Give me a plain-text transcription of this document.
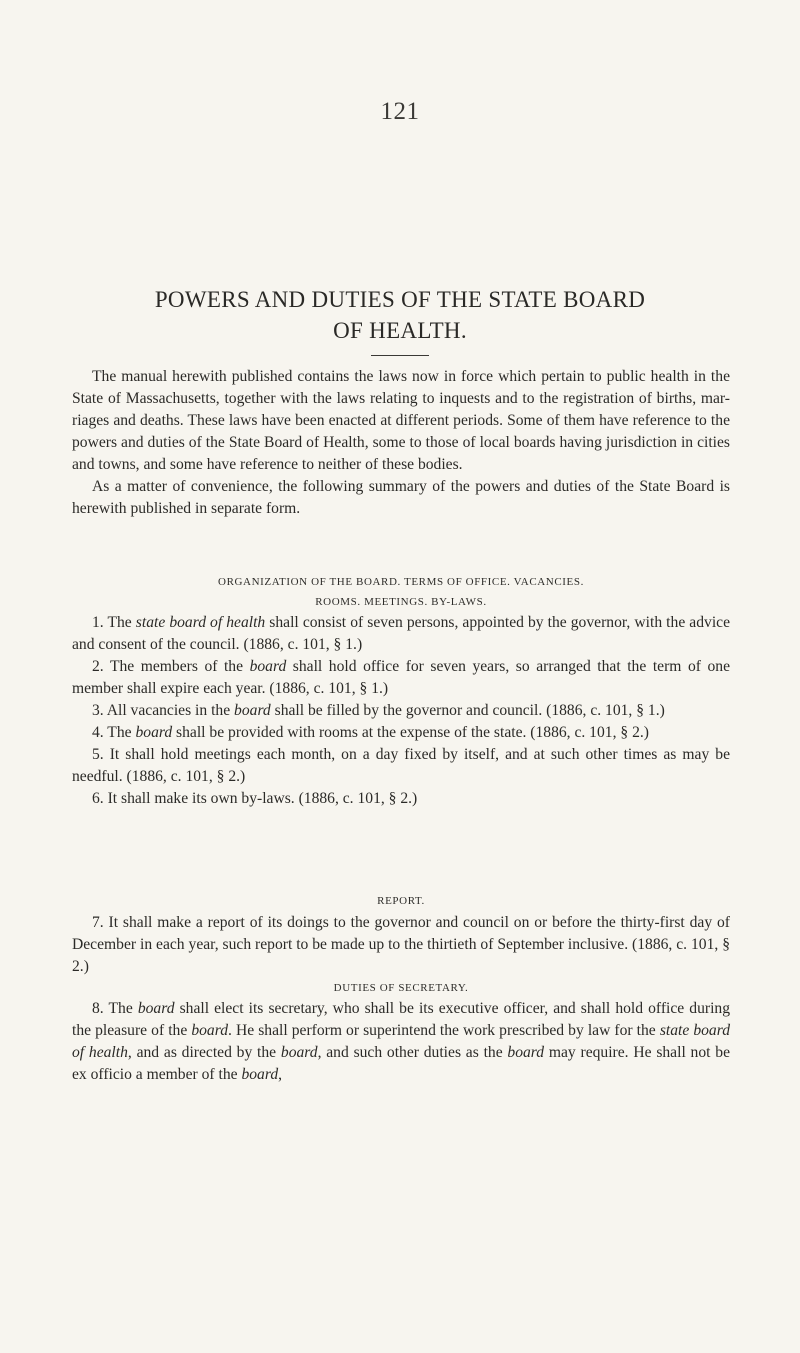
121
POWERS AND DUTIES OF THE STATE BOARD
OF HEALTH.

The manual herewith published contains the laws now in force which pertain to public health in the State of Massachusetts, together with the laws relating to inquests and to the registration of births, mar-riages and deaths. These laws have been enacted at different periods. Some of them have reference to the powers and duties of the State Board of Health, some to those of local boards having jurisdiction in cities and towns, and some have reference to neither of these bodies.

As a matter of convenience, the following summary of the powers and duties of the State Board is herewith published in separate form.

ORGANIZATION OF THE BOARD. TERMS OF OFFICE. VACANCIES.
ROOMS. MEETINGS. BY-LAWS.

1. The state board of health shall consist of seven persons, appointed by the governor, with the advice and consent of the council. (1886, c. 101, § 1.)

2. The members of the board shall hold office for seven years, so arranged that the term of one member shall expire each year. (1886, c. 101, § 1.)

3. All vacancies in the board shall be filled by the governor and council. (1886, c. 101, § 1.)

4. The board shall be provided with rooms at the expense of the state. (1886, c. 101, § 2.)

5. It shall hold meetings each month, on a day fixed by itself, and at such other times as may be needful. (1886, c. 101, § 2.)

6. It shall make its own by-laws. (1886, c. 101, § 2.)

REPORT.

7. It shall make a report of its doings to the governor and council on or before the thirty-first day of December in each year, such report to be made up to the thirtieth of September inclusive. (1886, c. 101, § 2.)

DUTIES OF SECRETARY.

8. The board shall elect its secretary, who shall be its executive officer, and shall hold office during the pleasure of the board. He shall perform or superintend the work prescribed by law for the state board of health, and as directed by the board, and such other duties as the board may require. He shall not be ex officio a member of the board,
